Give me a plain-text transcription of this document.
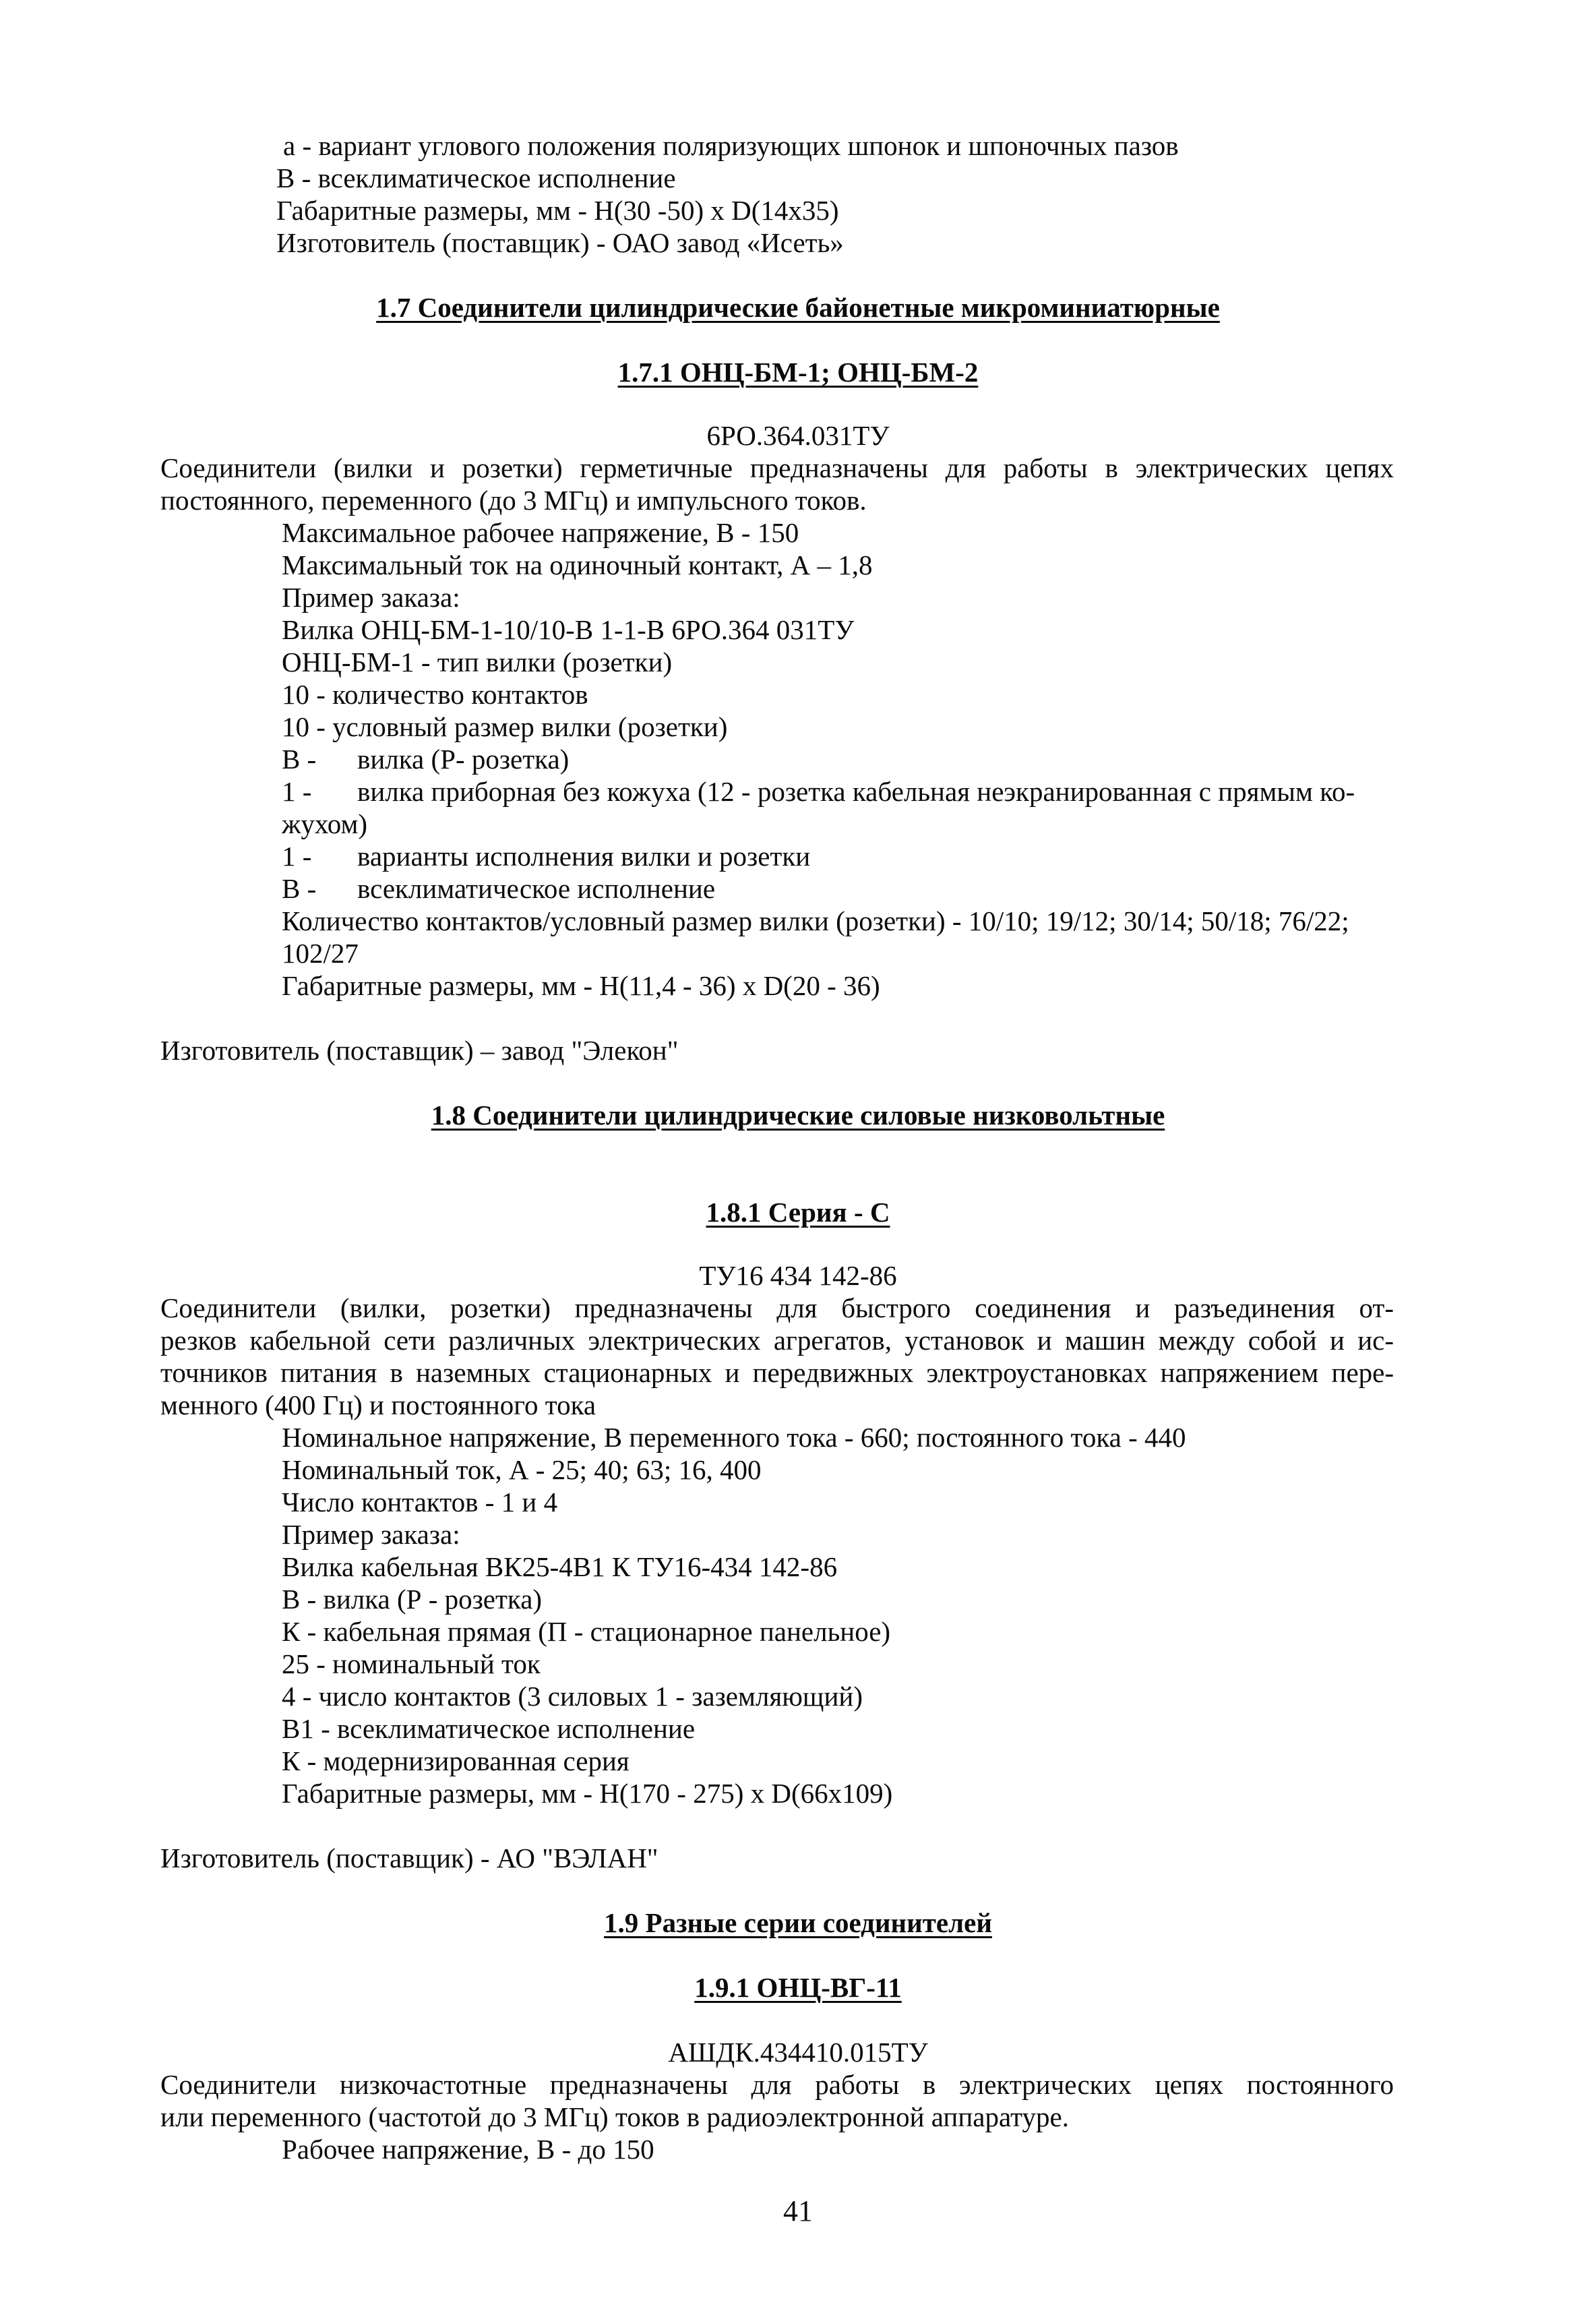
а - вариант углового положения поляризующих шпонок и шпоночных пазов
В - всеклиматическое исполнение
Габаритные размеры, мм - Н(30 -50) х D(14х35)
Изготовитель (поставщик) - ОАО завод «Исеть»
1.7 Соединители цилиндрические байонетные микроминиатюрные
1.7.1 ОНЦ-БМ-1; ОНЦ-БМ-2
6РО.364.031ТУ
Соединители (вилки и розетки) герметичные предназначены для работы в электрических цепях
постоянного, переменного (до 3 МГц) и импульсного токов.
Максимальное рабочее напряжение, В - 150
Максимальный ток на одиночный контакт, А – 1,8
Пример заказа:
Вилка ОНЦ-БМ-1-10/10-В 1-1-В 6РО.364 031ТУ
ОНЦ-БМ-1 - тип вилки (розетки)
10 - количество контактов
10 - условный размер вилки (розетки)
В - вилка (Р- розетка)
1 - вилка приборная без кожуха (12 - розетка кабельная неэкранированная с прямым ко-
жухом)
1 - варианты исполнения вилки и розетки
В - всеклиматическое исполнение
Количество контактов/условный размер вилки (розетки) - 10/10; 19/12; 30/14; 50/18; 76/22;
102/27
Габаритные размеры, мм - Н(11,4 - 36) х D(20 - 36)
Изготовитель (поставщик) – завод "Элекон"
1.8 Соединители цилиндрические силовые низковольтные
1.8.1 Серия - С
ТУ16 434 142-86
Соединители (вилки, розетки) предназначены для быстрого соединения и разъединения от-
резков кабельной сети различных электрических агрегатов, установок и машин между собой и ис-
точников питания в наземных стационарных и передвижных электроустановках напряжением пере-
менного (400 Гц) и постоянного тока
Номинальное напряжение, В переменного тока - 660; постоянного тока - 440
Номинальный ток, А - 25; 40; 63; 16, 400
Число контактов - 1 и 4
Пример заказа:
Вилка кабельная ВК25-4В1 К ТУ16-434 142-86
В - вилка (Р - розетка)
К - кабельная прямая (П - стационарное панельное)
25 - номинальный ток
4 - число контактов (3 силовых 1 - заземляющий)
В1 - всеклиматическое исполнение
К - модернизированная серия
Габаритные размеры, мм - Н(170 - 275) х D(66х109)
Изготовитель (поставщик) - АО "ВЭЛАН"
1.9 Разные серии соединителей
1.9.1 ОНЦ-ВГ-11
АШДК.434410.015ТУ
Соединители низкочастотные предназначены для работы в электрических цепях постоянного
или переменного (частотой до 3 МГц) токов в радиоэлектронной аппаратуре.
Рабочее напряжение, В - до 150
41
